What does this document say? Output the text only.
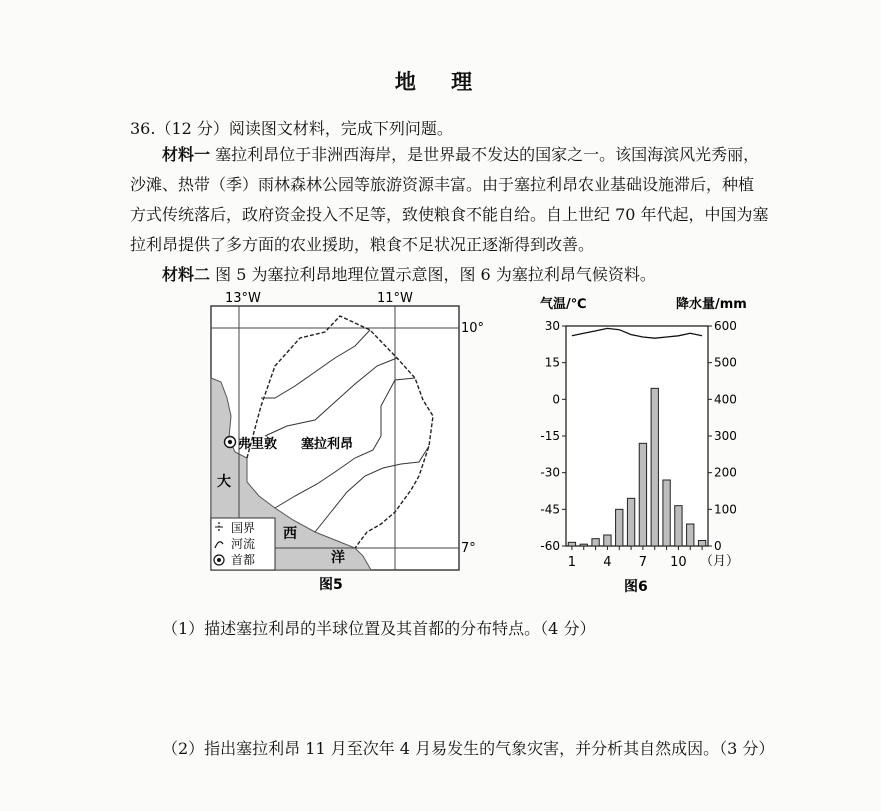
地 理
36.（12 分）阅读图文材料，完成下列问题。
材料一 塞拉利昂位于非洲西海岸，是世界最不发达的国家之一。该国海滨风光秀丽，
沙滩、热带（季）雨林森林公园等旅游资源丰富。由于塞拉利昂农业基础设施滞后，种植
方式传统落后，政府资金投入不足等，致使粮食不能自给。自上世纪 70 年代起，中国为塞
拉利昂提供了多方面的农业援助，粮食不足状况正逐渐得到改善。
材料二 图 5 为塞拉利昂地理位置示意图，图 6 为塞拉利昂气候资料。
13°W	11°W
弗里敦 塞拉利昂
大
西
洋
10°
7°
国界
河流
首都
图5
气温/℃	降水量/mm
30
15
0
-15
-30
-45
-60
600
500
400
300
200
100
0
1 4 7 10 （月）
图6
（1）描述塞拉利昂的半球位置及其首都的分布特点。（4 分）
（2）指出塞拉利昂 11 月至次年 4 月易发生的气象灾害，并分析其自然成因。（3 分）
